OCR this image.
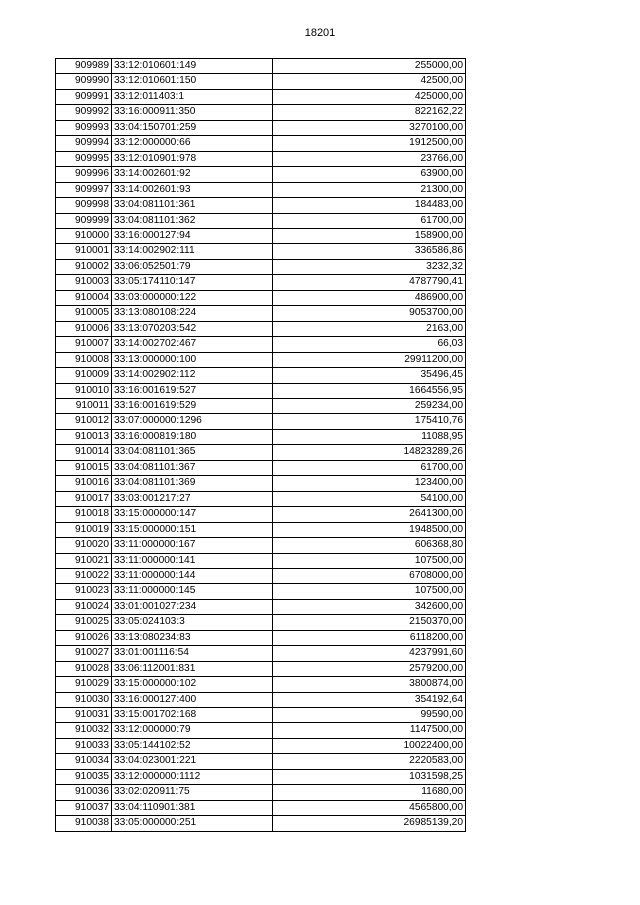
18201
909989	33:12:010601:149	255000,00
909990	33:12:010601:150	42500,00
909991	33:12:011403:1	425000,00
909992	33:16:000911:350	822162,22
909993	33:04:150701:259	3270100,00
909994	33:12:000000:66	1912500,00
909995	33:12:010901:978	23766,00
909996	33:14:002601:92	63900,00
909997	33:14:002601:93	21300,00
909998	33:04:081101:361	184483,00
909999	33:04:081101:362	61700,00
910000	33:16:000127:94	158900,00
910001	33:14:002902:111	336586,86
910002	33:06:052501:79	3232,32
910003	33:05:174110:147	4787790,41
910004	33:03:000000:122	486900,00
910005	33:13:080108:224	9053700,00
910006	33:13:070203:542	2163,00
910007	33:14:002702:467	66,03
910008	33:13:000000:100	29911200,00
910009	33:14:002902:112	35496,45
910010	33:16:001619:527	1664556,95
910011	33:16:001619:529	259234,00
910012	33:07:000000:1296	175410,76
910013	33:16:000819:180	11088,95
910014	33:04:081101:365	14823289,26
910015	33:04:081101:367	61700,00
910016	33:04:081101:369	123400,00
910017	33:03:001217:27	54100,00
910018	33:15:000000:147	2641300,00
910019	33:15:000000:151	1948500,00
910020	33:11:000000:167	606368,80
910021	33:11:000000:141	107500,00
910022	33:11:000000:144	6708000,00
910023	33:11:000000:145	107500,00
910024	33:01:001027:234	342600,00
910025	33:05:024103:3	2150370,00
910026	33:13:080234:83	6118200,00
910027	33:01:001116:54	4237991,60
910028	33:06:112001:831	2579200,00
910029	33:15:000000:102	3800874,00
910030	33:16:000127:400	354192,64
910031	33:15:001702:168	99590,00
910032	33:12:000000:79	1147500,00
910033	33:05:144102:52	10022400,00
910034	33:04:023001:221	2220583,00
910035	33:12:000000:1112	1031598,25
910036	33:02:020911:75	11680,00
910037	33:04:110901:381	4565800,00
910038	33:05:000000:251	26985139,20
